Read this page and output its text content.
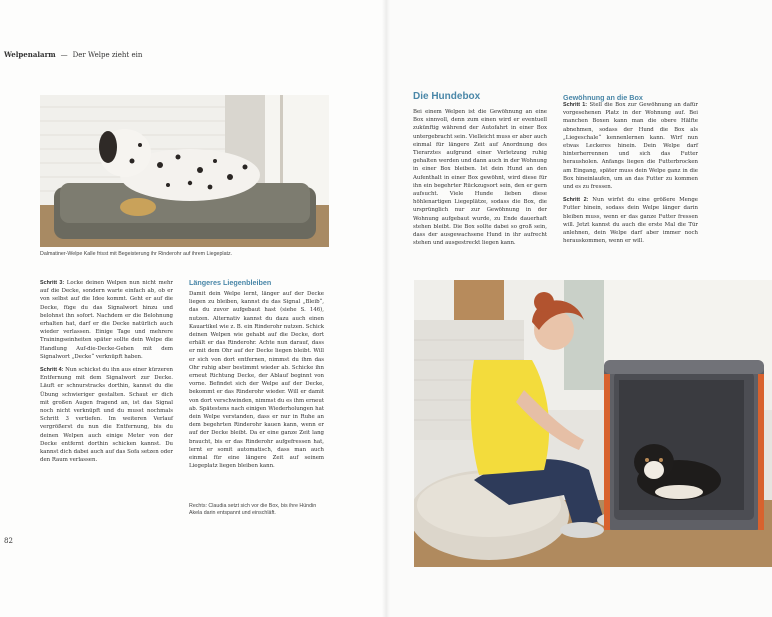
Welpenalarm — Der Welpe zieht ein
Dalmatiner-Welpe Kalle frisst mit Begeisterung ihr Rinderohr auf ihrem Liegeplatz.

Schritt 3: Locke deinen Welpen nun nicht mehr auf die Decke, sondern warte einfach ab, ob er von selbst auf die Idee kommt. Geht er auf die Decke, füge du das Signalwort hinzu und belohnst ihn sofort. Nachdem er die Belohnung erhalten hat, darf er die Decke natürlich auch wieder verlassen. Einige Tage und mehrere Trainingseinheiten später sollte dein Welpe die Handlung Auf-die-Decke-Gehen mit dem Signalwort „Decke“ verknüpft haben.

Schritt 4: Nun schickst du ihn aus einer kürzeren Entfernung mit dem Signalwort zur Decke. Läuft er schnurstracks dorthin, kannst du die Übung schwieriger gestalten. Schaut er dich mit großen Augen fragend an, ist das Signal noch nicht verknüpft und du musst nochmals Schritt 3 vertiefen. Im weiteren Verlauf vergrößerst du nun die Entfernung, bis du deinen Welpen auch einige Meter von der Decke entfernt dorthin schicken kannst. Du kannst dich dabei auch auf das Sofa setzen oder den Raum verlassen.

Längeres Liegenbleiben

Damit dein Welpe lernt, länger auf der Decke liegen zu bleiben, kannst du das Signal „Bleib“, das du zuvor aufgebaut hast (siehe S. 146), nutzen. Alternativ kannst du dazu auch einen Kauartikel wie z. B. ein Rinderohr nutzen. Schick deinen Welpen wie gehabt auf die Decke, dort erhält er das Rinderohr. Achte nun darauf, dass er mit dem Ohr auf der Decke liegen bleibt. Will er sich von dort entfernen, nimmst du ihm das Ohr ruhig aber bestimmt wieder ab. Schicke ihn erneut Richtung Decke, der Ablauf beginnt von vorne. Befindet sich der Welpe auf der Decke, bekommt er das Rinderohr wieder. Will er damit von dort verschwinden, nimmst du es ihm erneut ab. Spätestens nach einigen Wiederholungen hat dein Welpe verstanden, dass er nur in Ruhe an dem begehrten Rinderohr kauen kann, wenn er auf der Decke bleibt. Da er eine ganze Zeit lang braucht, bis er das Rinderohr aufgefressen hat, lernt er somit automatisch, dass man auch einmal für eine längere Zeit auf seinem Liegeplatz liegen bleiben kann.

Rechts: Claudia setzt sich vor die Box, bis ihre Hündin Akela darin entspannt und einschläft.
82
Die Hundebox

Bei einem Welpen ist die Gewöhnung an eine Box sinnvoll, denn zum einen wird er eventuell zukünftig während der Autofahrt in einer Box untergebracht sein. Vielleicht muss er aber auch einmal für längere Zeit auf Anordnung des Tierarztes aufgrund einer Verletzung ruhig gehalten werden und dann auch in der Wohnung in einer Box bleiben. Ist dein Hund an den Aufenthalt in einer Box gewöhnt, wird diese für ihn ein begehrter Rückzugsort sein, den er gern aufsucht. Viele Hunde lieben diese höhlenartigen Liegeplätze, sodass die Box, die ursprünglich nur zur Gewöhnung in der Wohnung aufgebaut wurde, zu Ende dauerhaft stehen bleibt. Die Box sollte dabei so groß sein, dass der ausgewachsene Hund in ihr aufrecht stehen und ausgestreckt liegen kann.

Gewöhnung an die Box

Schritt 1: Stell die Box zur Gewöhnung an dafür vorgesehenen Platz in der Wohnung auf. Bei manchen Boxen kann man die obere Hälfte abnehmen, sodass der Hund die Box als „Liegeschale“ kennenlernen kann. Wirf nun etwas Leckeres hinein. Dein Welpe darf hinterherrennen und sich das Futter herausholen. Anfangs liegen die Futterbrocken am Eingang, später muss dein Welpe ganz in die Box hineinlaufen, um an das Futter zu kommen und es zu fressen.

Schritt 2: Nun wirfst du eine größere Menge Futter hinein, sodass dein Welpe länger darin bleiben muss, wenn er das ganze Futter fressen will. Jetzt kannst du auch die erste Mal die Tür anlehnen, dein Welpe darf aber immer noch herauskommen, wenn er will.
